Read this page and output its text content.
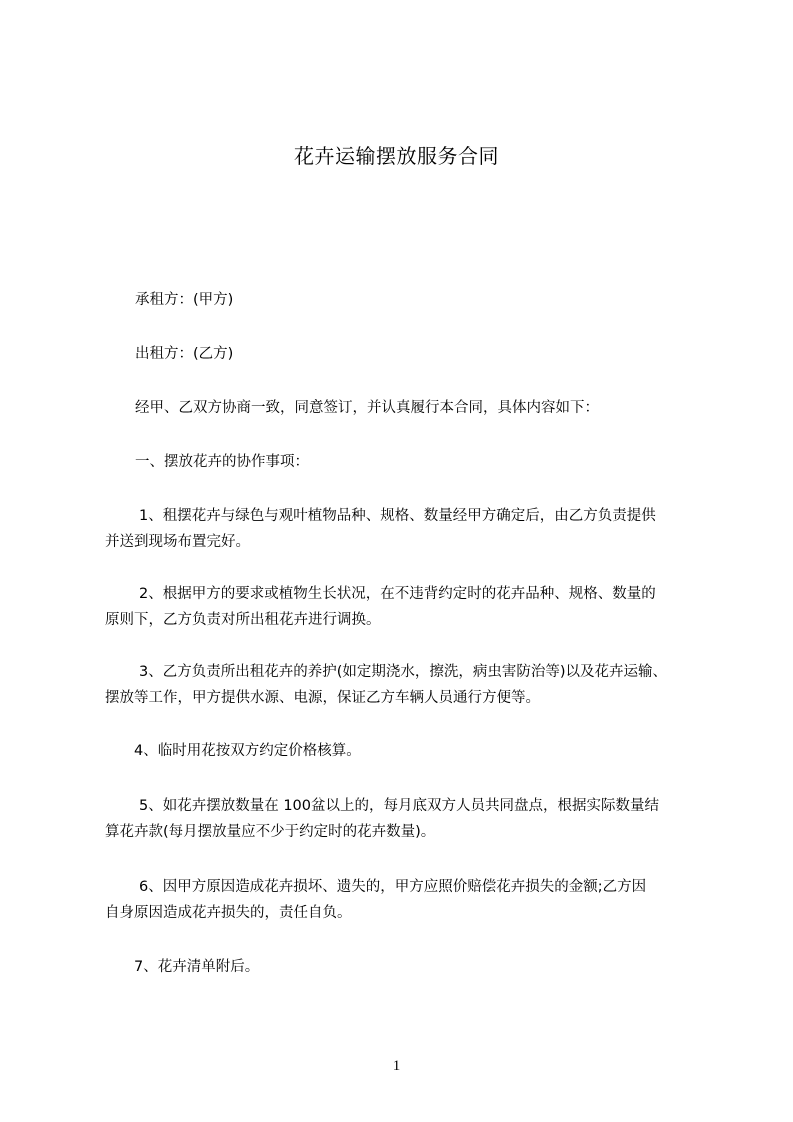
花卉运输摆放服务合同
承租方：(甲方)
出租方：(乙方)
经甲、乙双方协商一致，同意签订，并认真履行本合同，具体内容如下：
一、摆放花卉的协作事项：
1、租摆花卉与绿色与观叶植物品种、规格、数量经甲方确定后，由乙方负责提供
并送到现场布置完好。
2、根据甲方的要求或植物生长状况，在不违背约定时的花卉品种、规格、数量的
原则下，乙方负责对所出租花卉进行调换。
3、乙方负责所出租花卉的养护(如定期浇水，擦洗，病虫害防治等)以及花卉运输、
摆放等工作，甲方提供水源、电源，保证乙方车辆人员通行方便等。
4、临时用花按双方约定价格核算。
5、如花卉摆放数量在 100盆以上的，每月底双方人员共同盘点，根据实际数量结
算花卉款(每月摆放量应不少于约定时的花卉数量)。
6、因甲方原因造成花卉损坏、遗失的，甲方应照价赔偿花卉损失的金额;乙方因
自身原因造成花卉损失的，责任自负。
7、花卉清单附后。
1
